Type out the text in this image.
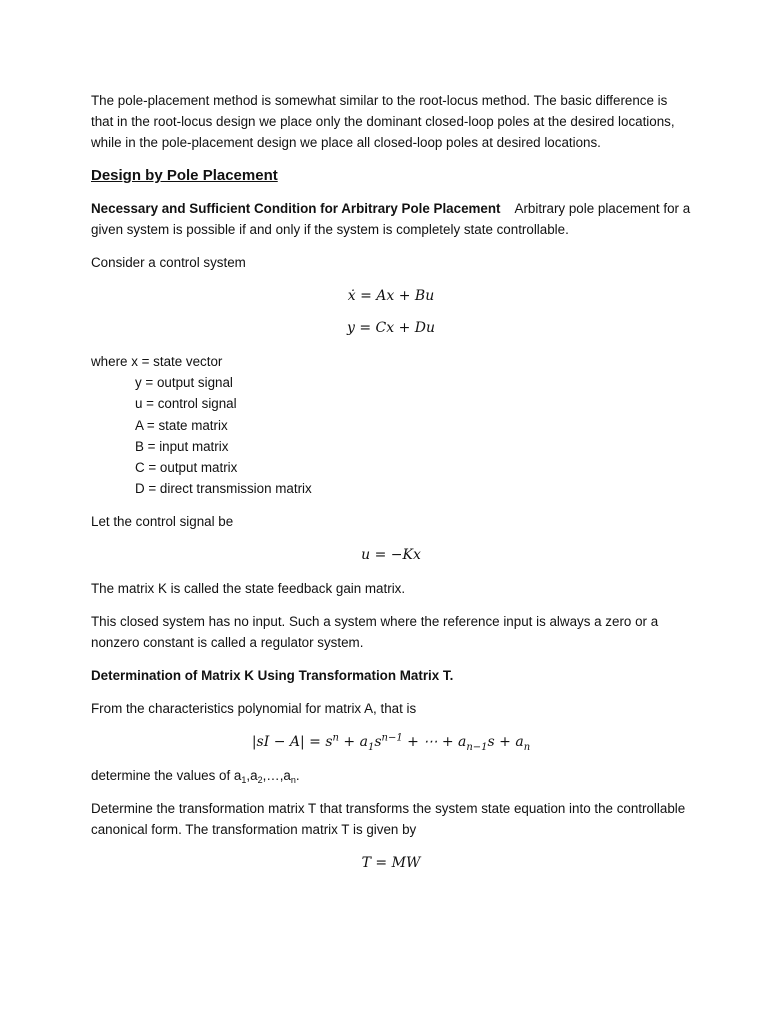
The pole-placement method is somewhat similar to the root-locus method. The basic difference is that in the root-locus design we place only the dominant closed-loop poles at the desired locations, while in the pole-placement design we place all closed-loop poles at desired locations.

Design by Pole Placement

Necessary and Sufficient Condition for Arbitrary Pole Placement Arbitrary pole placement for a given system is possible if and only if the system is completely state controllable.

Consider a control system

ẋ = Ax + Bu

y = Cx + Du

where x = state vector
y = output signal
u = control signal
A = state matrix
B = input matrix
C = output matrix
D = direct transmission matrix

Let the control signal be

u = −Kx

The matrix K is called the state feedback gain matrix.

This closed system has no input. Such a system where the reference input is always a zero or a nonzero constant is called a regulator system.

Determination of Matrix K Using Transformation Matrix T.

From the characteristics polynomial for matrix A, that is

$|sI - A| = s^n + a_1s^{n-1}$ + ⋯ + $a_{n-1}s + a_n$

determine the values of $a_1,a_2,\dots,a_n$.

Determine the transformation matrix T that transforms the system state equation into the controllable canonical form. The transformation matrix T is given by

T = MW
